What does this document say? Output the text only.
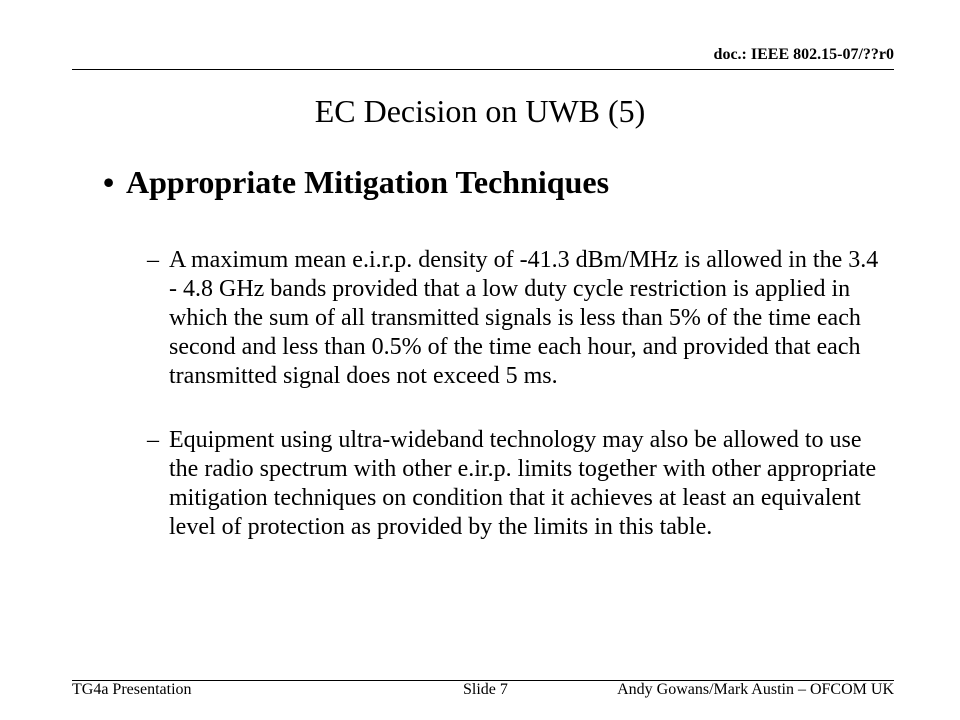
doc.: IEEE 802.15-07/??r0
EC Decision on UWB (5)
• Appropriate Mitigation Techniques
– A maximum mean e.i.r.p. density of -41.3 dBm/MHz is allowed in the 3.4 - 4.8 GHz bands provided that a low duty cycle restriction is applied in which the sum of all transmitted signals is less than 5% of the time each second and less than 0.5% of the time each hour, and provided that each transmitted signal does not exceed 5 ms.
– Equipment using ultra-wideband technology may also be allowed to use the radio spectrum with other e.ir.p. limits together with other appropriate mitigation techniques on condition that it achieves at least an equivalent level of protection as provided by the limits in this table.
TG4a Presentation	Slide 7	Andy Gowans/Mark Austin – OFCOM UK
